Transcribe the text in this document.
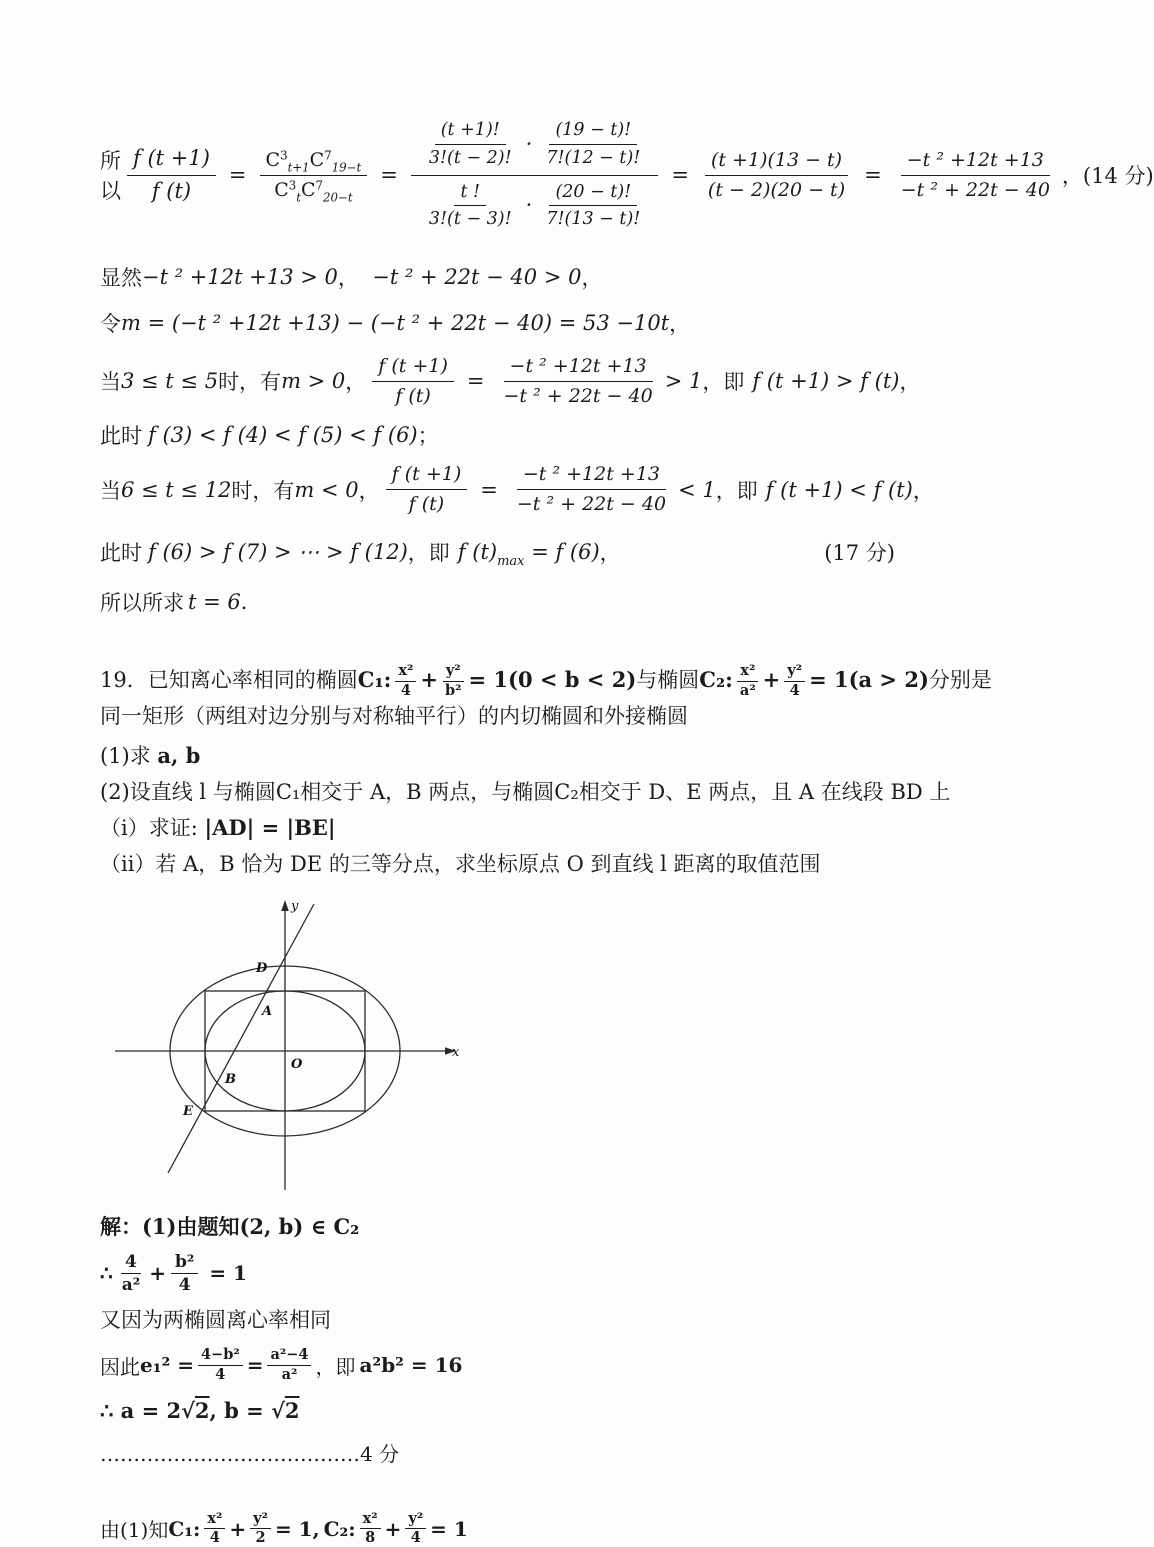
所以 $\frac{f (t +1)}{f (t)} = \frac{C^3_{t+1}C^7_{19-t}}{C^3_tC^7_{20-t}}$ =
$\frac{(t +1)!}{3!(t - 2)!} \cdot \frac{(19 - t)!}{7!(12 - t)!}$
$\frac{t !}{3!(t - 3)!} \cdot \frac{(20 - t)!}{7!(13 - t)!}$
= $\frac{(t +1)(13 - t)}{(t - 2)(20 - t)} = \frac{\text{−t ² +12t +13}}{\text{−t ² + 22t − 40}}$ ， (14 分)
显然 −t ² +12t +13 > 0 ， −t ² + 22t − 40 > 0 ，
令 m = (−t ² +12t +13) − (−t ² + 22t − 40) = 53 −10t ，
当 3 ≤ t ≤ 5 时，有 m > 0 ， $\frac{f (t +1)}{f (t)} = \frac{\text{−t ² +12t +13}}{\text{−t ² + 22t − 40}} > 1$ ，即 f (t +1) > f (t) ，
此时 f (3) < f (4) < f (5) < f (6) ；
当 6 ≤ t ≤ 12 时，有 m < 0 ， $\frac{f (t +1)}{f (t)} = \frac{\text{−t ² +12t +13}}{\text{−t ² + 22t − 40}} < 1$ ，即 f (t +1) < f (t) ，
此时 f (6) > f (7) > ⋯ > f (12) ，即 f $(t)_{max} = f$ (6) ，	(17 分)
所以所求 t = 6 .

19．已知离心率相同的椭圆C₁: $\frac{\text{x²}}{4} + \frac{\text{y²}}{\text{b²}} = 1(0 < b < 2)$与椭圆C₂: $\frac{\text{x²}}{\text{a²}} + \frac{\text{y²}}{4} = 1(a > 2)$分别是同一矩形（两组对边分别与对称轴平行）的内切椭圆和外接椭圆

(1)求 a, b

(2)设直线 l 与椭圆C₁相交于 A，B 两点，与椭圆C₂相交于 D、E 两点，且 A 在线段 BD 上

（i）求证: |AD| = |BE|

（ii）若 A，B 恰为 DE 的三等分点，求坐标原点 O 到直线 l 距离的取值范围

x
y
O
D
A
B
E

解：(1)由题知(2, b) ∈ C₂

∴ $\frac{4}{\text{a²}} + \frac{\text{b²}}{4} = 1$

又因为两椭圆离心率相同

因此 $e_1^2 = \frac{\text{4−b²}}{4} = \frac{\text{a²−4}}{\text{a²}}$ ，即 a²b² = 16

∴ a = 2√2, b = √2

…………………………………4 分

由(1)知 C₁: $\frac{\text{x²}}{4} + \frac{\text{y²}}{2} = 1$, C₂: $\frac{\text{x²}}{8} + \frac{\text{y²}}{4} = 1$
